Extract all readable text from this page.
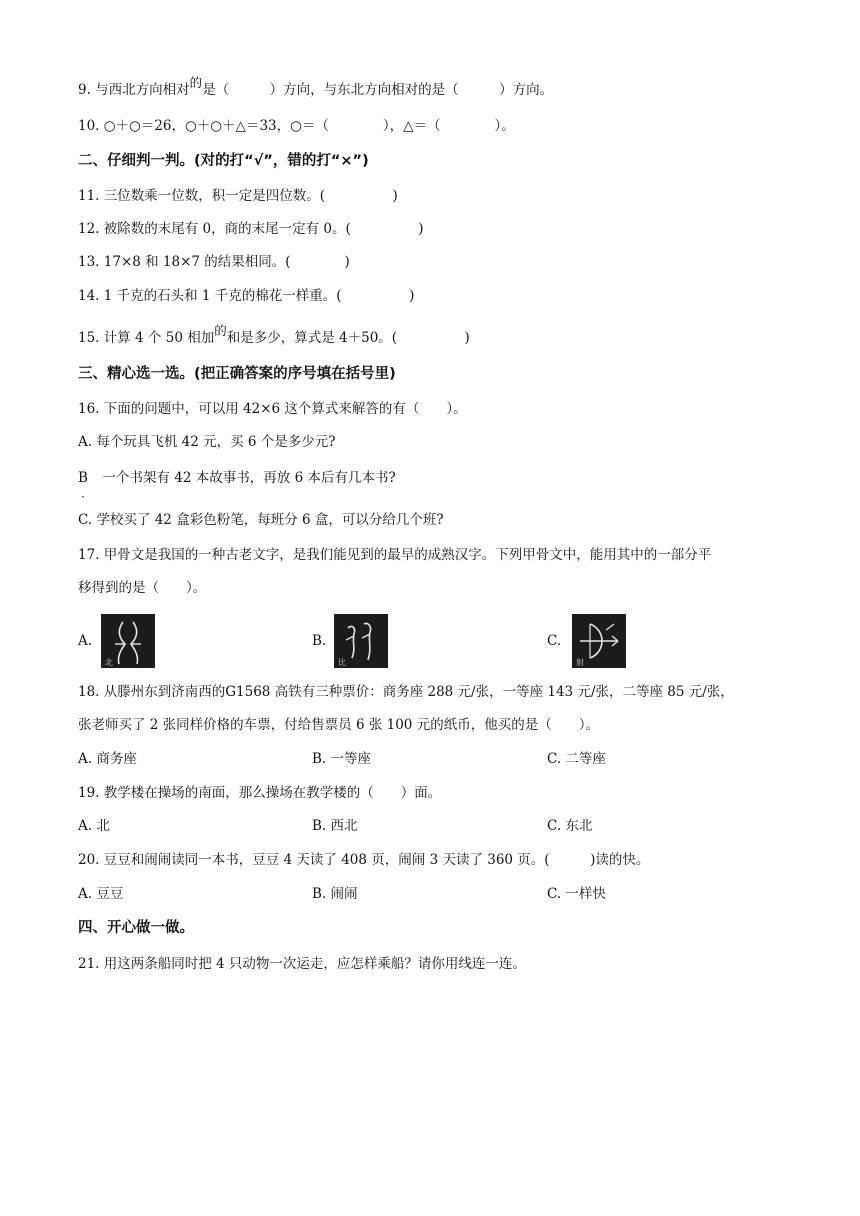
9. 与西北方向相对的是（　　　）方向，与东北方向相对的是（　　　）方向。
10. ○＋○＝26，○＋○＋△＝33，○＝（　　　　），△＝（　　　　）。
二、仔细判一判。(对的打“√”，错的打“×”)
11. 三位数乘一位数，积一定是四位数。(　　　　　)
12. 被除数的末尾有 0，商的末尾一定有 0。(　　　　　)
13. 17×8 和 18×7 的结果相同。(　　　　)
14. 1 千克的石头和 1 千克的棉花一样重。(　　　　　)
15. 计算 4 个 50 相加的和是多少，算式是 4＋50。(　　　　　)
三、精心选一选。(把正确答案的序号填在括号里)
16. 下面的问题中，可以用 42×6 这个算式来解答的有（　　）。
A. 每个玩具飞机 42 元，买 6 个是多少元?
B 一个书架有 42 本故事书，再放 6 本后有几本书?
·
C. 学校买了 42 盒彩色粉笔，每班分 6 盒，可以分给几个班?
17. 甲骨文是我国的一种古老文字，是我们能见到的最早的成熟汉字。下列甲骨文中，能用其中的一部分平
移得到的是（　　）。
A.
北
B.
比
C.
射
18. 从滕州东到济南西的G1568 高铁有三种票价：商务座 288 元/张，一等座 143 元/张，二等座 85 元/张，
张老师买了 2 张同样价格的车票，付给售票员 6 张 100 元的纸币，他买的是（　　）。
A. 商务座	B. 一等座	C. 二等座
19. 教学楼在操场的南面，那么操场在教学楼的（　　）面。
A. 北	B. 西北	C. 东北
20. 豆豆和闹闹读同一本书，豆豆 4 天读了 408 页，闹闹 3 天读了 360 页。(　　　)读的快。
A. 豆豆	B. 闹闹	C. 一样快
四、开心做一做。
21. 用这两条船同时把 4 只动物一次运走，应怎样乘船？请你用线连一连。
